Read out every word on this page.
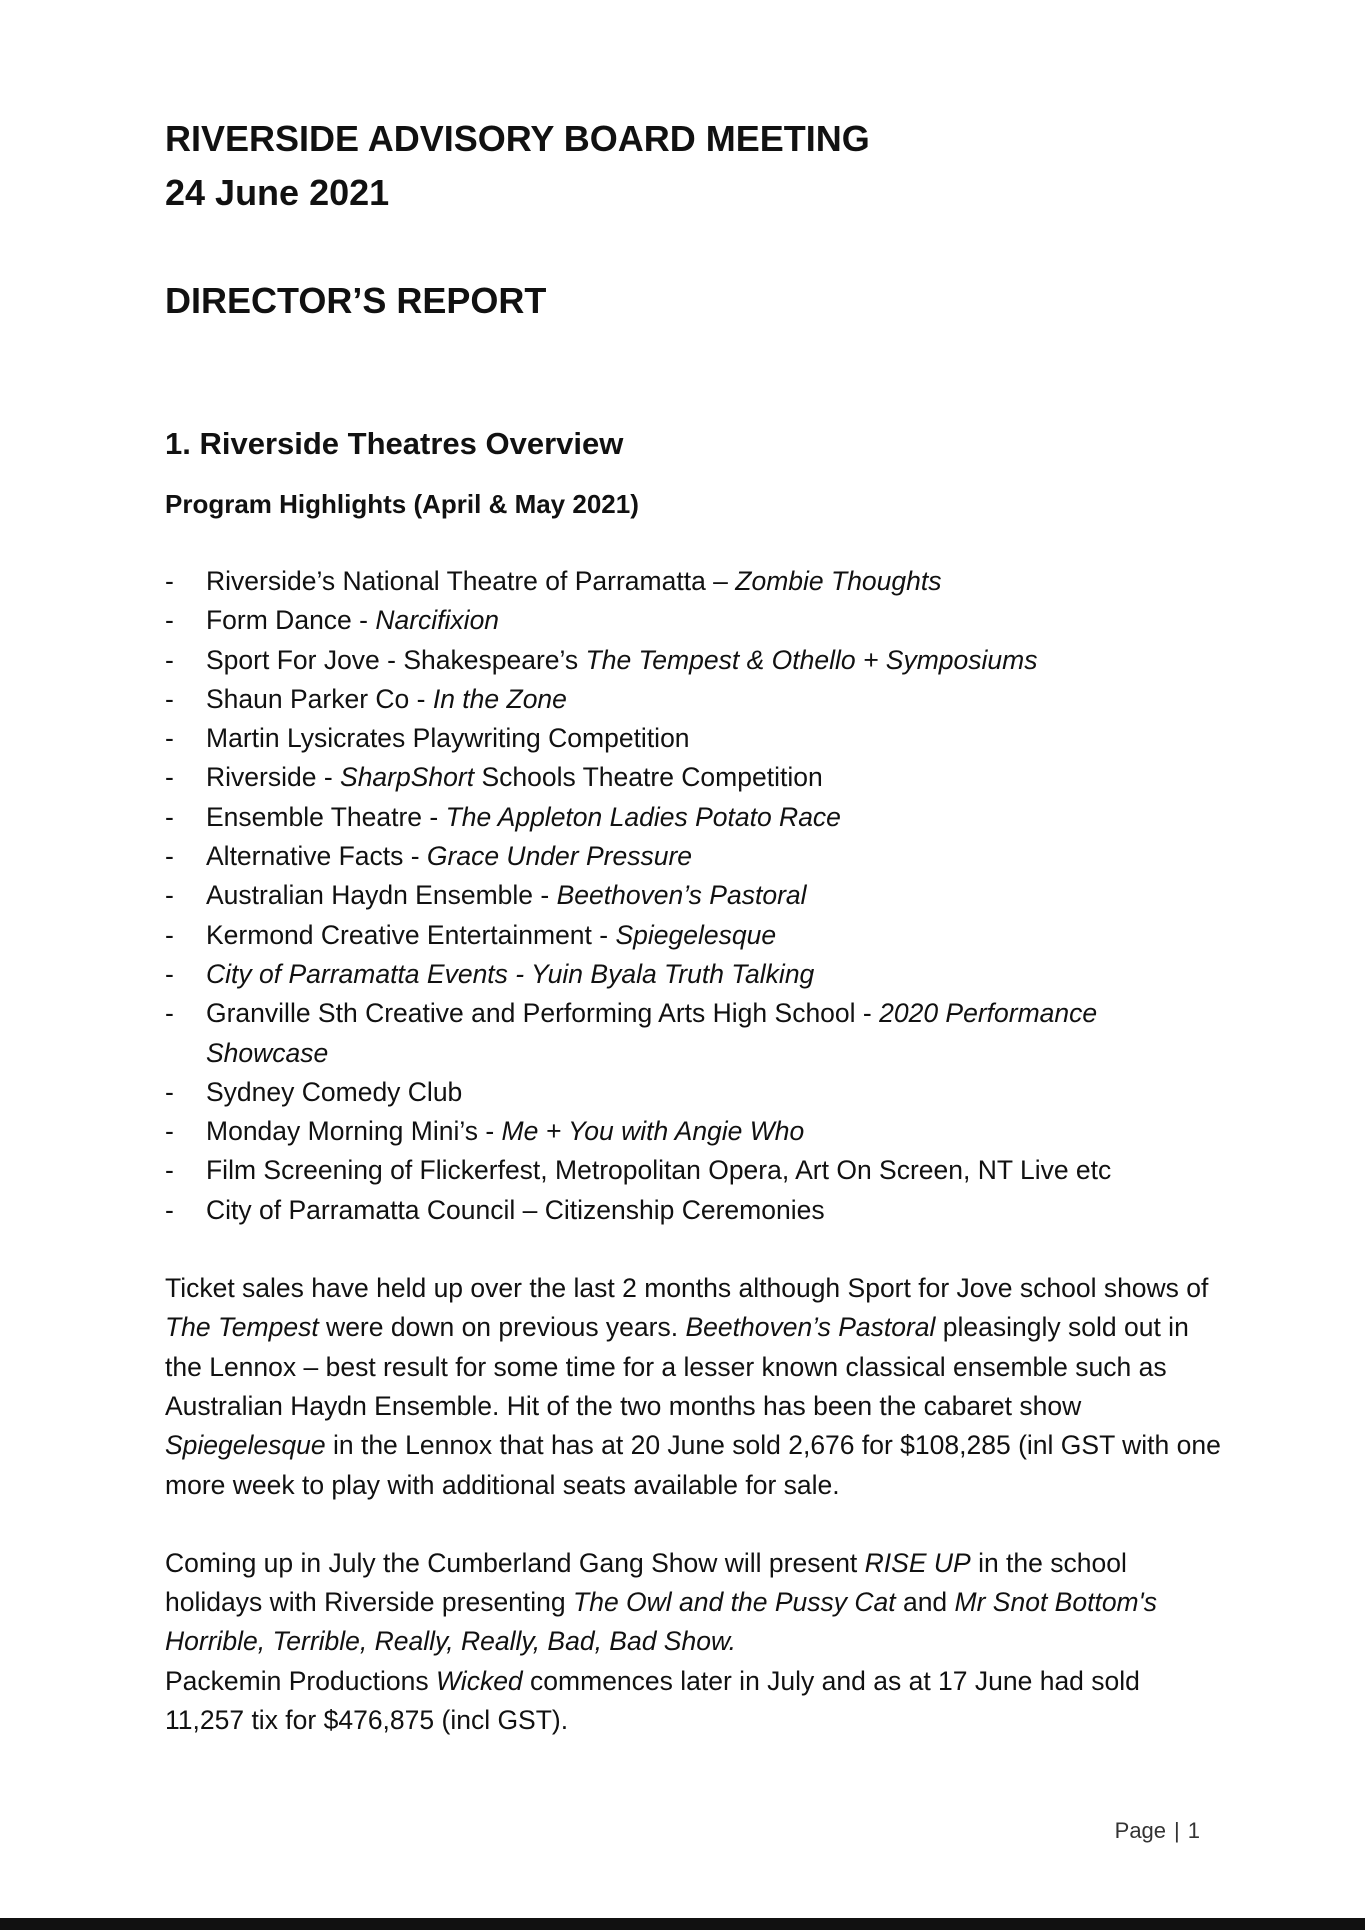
RIVERSIDE ADVISORY BOARD MEETING
24 June 2021
DIRECTOR’S REPORT
1. Riverside Theatres Overview
Program Highlights (April & May 2021)
- Riverside’s National Theatre of Parramatta – Zombie Thoughts
- Form Dance - Narcifixion
- Sport For Jove - Shakespeare’s The Tempest & Othello + Symposiums
- Shaun Parker Co - In the Zone
- Martin Lysicrates Playwriting Competition
- Riverside - SharpShort Schools Theatre Competition
- Ensemble Theatre - The Appleton Ladies Potato Race
- Alternative Facts - Grace Under Pressure
- Australian Haydn Ensemble - Beethoven’s Pastoral
- Kermond Creative Entertainment - Spiegelesque
- City of Parramatta Events - Yuin Byala Truth Talking
- Granville Sth Creative and Performing Arts High School - 2020 Performance Showcase
- Sydney Comedy Club
- Monday Morning Mini’s - Me + You with Angie Who
- Film Screening of Flickerfest, Metropolitan Opera, Art On Screen, NT Live etc
- City of Parramatta Council – Citizenship Ceremonies

Ticket sales have held up over the last 2 months although Sport for Jove school shows of The Tempest were down on previous years. Beethoven’s Pastoral pleasingly sold out in the Lennox – best result for some time for a lesser known classical ensemble such as Australian Haydn Ensemble. Hit of the two months has been the cabaret show Spiegelesque in the Lennox that has at 20 June sold 2,676 for $108,285 (inl GST with one more week to play with additional seats available for sale.

Coming up in July the Cumberland Gang Show will present RISE UP in the school holidays with Riverside presenting The Owl and the Pussy Cat and Mr Snot Bottom's Horrible, Terrible, Really, Really, Bad, Bad Show.
Packemin Productions Wicked commences later in July and as at 17 June had sold 11,257 tix for $476,875 (incl GST).

Page | 1
